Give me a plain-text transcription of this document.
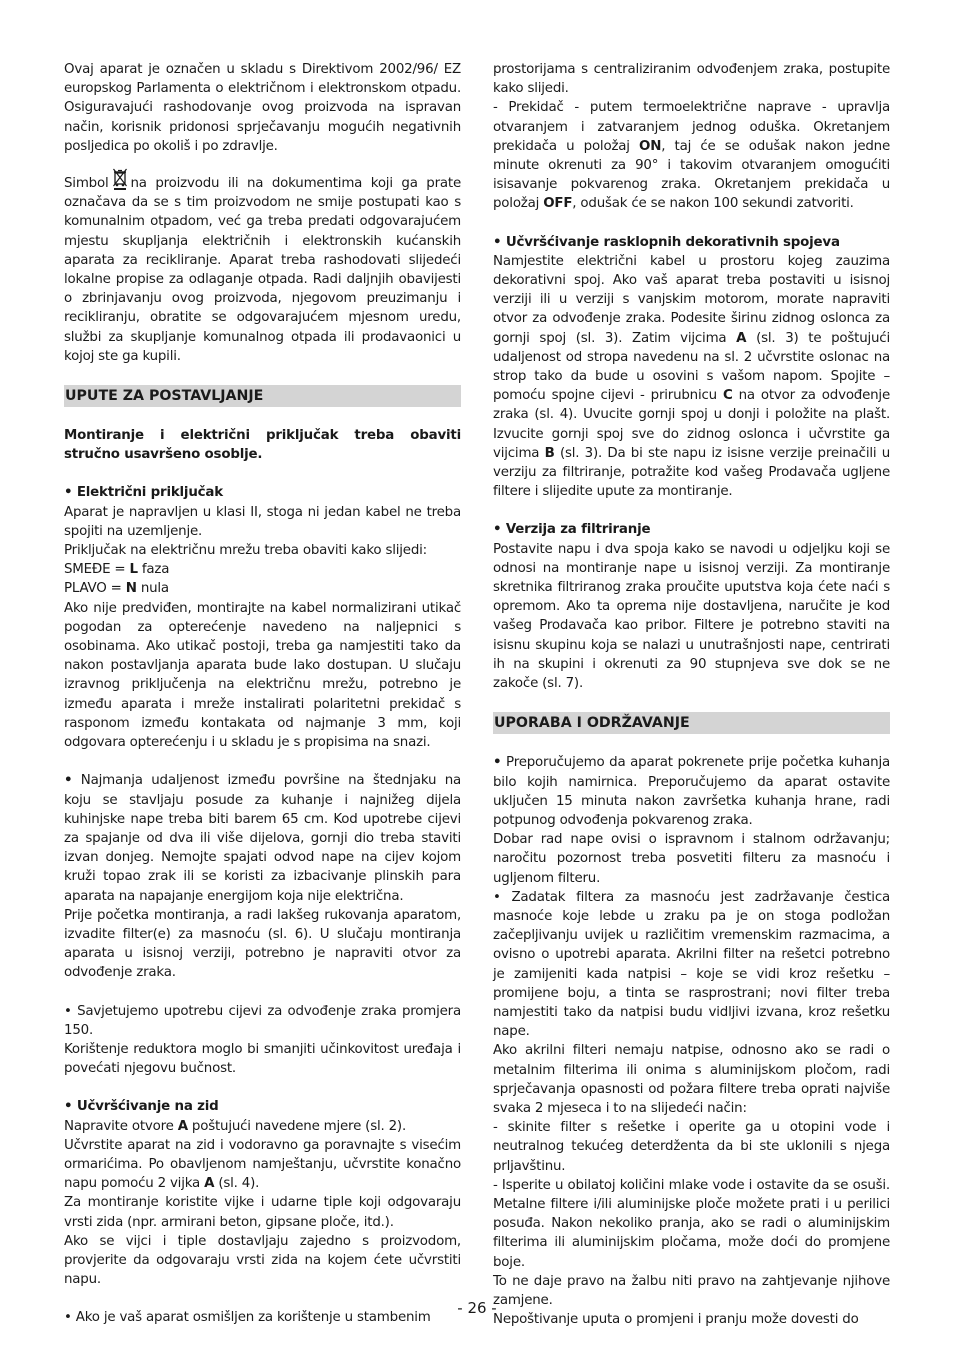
Ovaj aparat je označen u skladu s Direktivom 2002/96/ EZ europskog Parlamenta o električnom i elektronskom otpadu. Osiguravajući rashodovanje ovog proizvoda na ispravan način, korisnik pridonosi sprječavanju mogućih negativnih posljedica po okoliš i po zdravlje.

Simbol na proizvodu ili na dokumentima koji ga prate označava da se s tim proizvodom ne smije postupati kao s komunalnim otpadom, već ga treba predati odgovarajućem mjestu skupljanja električnih i elektronskih kućanskih aparata za recikliranje. Aparat treba rashodovati slijedeći lokalne propise za odlaganje otpada. Radi daljnjih obavijesti o zbrinjavanju ovog proizvoda, njegovom preuzimanju i recikliranju, obratite se odgovarajućem mjesnom uredu, službi za skupljanje komunalnog otpada ili prodavaonici u kojoj ste ga kupili.

UPUTE ZA POSTAVLJANJE

Montiranje i električni priključak treba obaviti stručno usavršeno osoblje.

• Električni priključak

Aparat je napravljen u klasi II, stoga ni jedan kabel ne treba spojiti na uzemljenje.

Priključak na električnu mrežu treba obaviti kako slijedi:

SMEĐE = L faza

PLAVO = N nula

Ako nije predviđen, montirajte na kabel normalizirani utikač pogodan za opterećenje navedeno na naljepnici s osobinama. Ako utikač postoji, treba ga namjestiti tako da nakon postavljanja aparata bude lako dostupan. U slučaju izravnog priključenja na električnu mrežu, potrebno je između aparata i mreže instalirati polaritetni prekidač s rasponom između kontakata od najmanje 3 mm, koji odgovara opterećenju i u skladu je s propisima na snazi.

• Najmanja udaljenost između površine na štednjaku na koju se stavljaju posude za kuhanje i najnižeg dijela kuhinjske nape treba biti barem 65 cm. Kod upotrebe cijevi za spajanje od dva ili više dijelova, gornji dio treba staviti izvan donjeg. Nemojte spajati odvod nape na cijev kojom kruži topao zrak ili se koristi za izbacivanje plinskih para aparata na napajanje energijom koja nije električna.

Prije početka montiranja, a radi lakšeg rukovanja aparatom, izvadite filter(e) za masnoću (sl. 6). U slučaju montiranja aparata u isisnoj verziji, potrebno je napraviti otvor za odvođenje zraka.

• Savjetujemo upotrebu cijevi za odvođenje zraka promjera 150.

Korištenje reduktora moglo bi smanjiti učinkovitost uređaja i povećati njegovu bučnost.

• Učvršćivanje na zid

Napravite otvore A poštujući navedene mjere (sl. 2).

Učvrstite aparat na zid i vodoravno ga poravnajte s visećim ormarićima. Po obavljenom namještanju, učvrstite konačno napu pomoću 2 vijka A (sl. 4).

Za montiranje koristite vijke i udarne tiple koji odgovaraju vrsti zida (npr. armirani beton, gipsane ploče, itd.).

Ako se vijci i tiple dostavljaju zajedno s proizvodom, provjerite da odgovaraju vrsti zida na kojem ćete učvrstiti napu.

• Ako je vaš aparat osmišljen za korištenje u stambenim

prostorijama s centraliziranim odvođenjem zraka, postupite kako slijedi.

- Prekidač - putem termoelektrične naprave - upravlja otvaranjem i zatvaranjem jednog oduška. Okretanjem prekidača u položaj ON, taj će se odušak nakon jedne minute okrenuti za 90° i takovim otvaranjem omogućiti isisavanje pokvarenog zraka. Okretanjem prekidača u položaj OFF, odušak će se nakon 100 sekundi zatvoriti.

• Učvršćivanje rasklopnih dekorativnih spojeva

Namjestite električni kabel u prostoru kojeg zauzima dekorativni spoj. Ako vaš aparat treba postaviti u isisnoj verziji ili u verziji s vanjskim motorom, morate napraviti otvor za odvođenje zraka. Podesite širinu zidnog oslonca za gornji spoj (sl. 3). Zatim vijcima A (sl. 3) te poštujući udaljenost od stropa navedenu na sl. 2 učvrstite oslonac na strop tako da bude u osovini s vašom napom. Spojite – pomoću spojne cijevi - prirubnicu C na otvor za odvođenje zraka (sl. 4). Uvucite gornji spoj u donji i položite na plašt. Izvucite gornji spoj sve do zidnog oslonca i učvrstite ga vijcima B (sl. 3). Da bi ste napu iz isisne verzije preinačili u verziju za filtriranje, potražite kod vašeg Prodavača ugljene filtere i slijedite upute za montiranje.

• Verzija za filtriranje

Postavite napu i dva spoja kako se navodi u odjeljku koji se odnosi na montiranje nape u isisnoj verziji. Za montiranje skretnika filtriranog zraka proučite uputstva koja ćete naći s opremom. Ako ta oprema nije dostavljena, naručite je kod vašeg Prodavača kao pribor. Filtere je potrebno staviti na isisnu skupinu koja se nalazi u unutrašnjosti nape, centrirati ih na skupini i okrenuti za 90 stupnjeva sve dok se ne zakoče (sl. 7).

UPORABA I ODRŽAVANJE

• Preporučujemo da aparat pokrenete prije početka kuhanja bilo kojih namirnica. Preporučujemo da aparat ostavite uključen 15 minuta nakon završetka kuhanja hrane, radi potpunog odvođenja pokvarenog zraka.

Dobar rad nape ovisi o ispravnom i stalnom održavanju; naročitu pozornost treba posvetiti filteru za masnoću i ugljenom filteru.

• Zadatak filtera za masnoću jest zadržavanje čestica masnoće koje lebde u zraku pa je on stoga podložan začepljivanju uvijek u različitim vremenskim razmacima, a ovisno o upotrebi aparata. Akrilni filter na rešetci potrebno je zamijeniti kada natpisi – koje se vidi kroz rešetku – promijene boju, a tinta se rasprostrani; novi filter treba namjestiti tako da natpisi budu vidljivi izvana, kroz rešetku nape.

Ako akrilni filteri nemaju natpise, odnosno ako se radi o metalnim filterima ili onima s aluminijskom pločom, radi sprječavanja opasnosti od požara filtere treba oprati najviše svaka 2 mjeseca i to na slijedeći način:

- skinite filter s rešetke i operite ga u otopini vode i neutralnog tekućeg deterdženta da bi ste uklonili s njega prljavštinu.

- Isperite u obilatoj količini mlake vode i ostavite da se osuši. Metalne filtere i/ili aluminijske ploče možete prati i u perilici posuđa. Nakon nekoliko pranja, ako se radi o aluminijskim filterima ili aluminijskim pločama, može doći do promjene boje.

To ne daje pravo na žalbu niti pravo na zahtjevanje njihove zamjene.

Nepoštivanje uputa o promjeni i pranju može dovesti do

- 26 -
